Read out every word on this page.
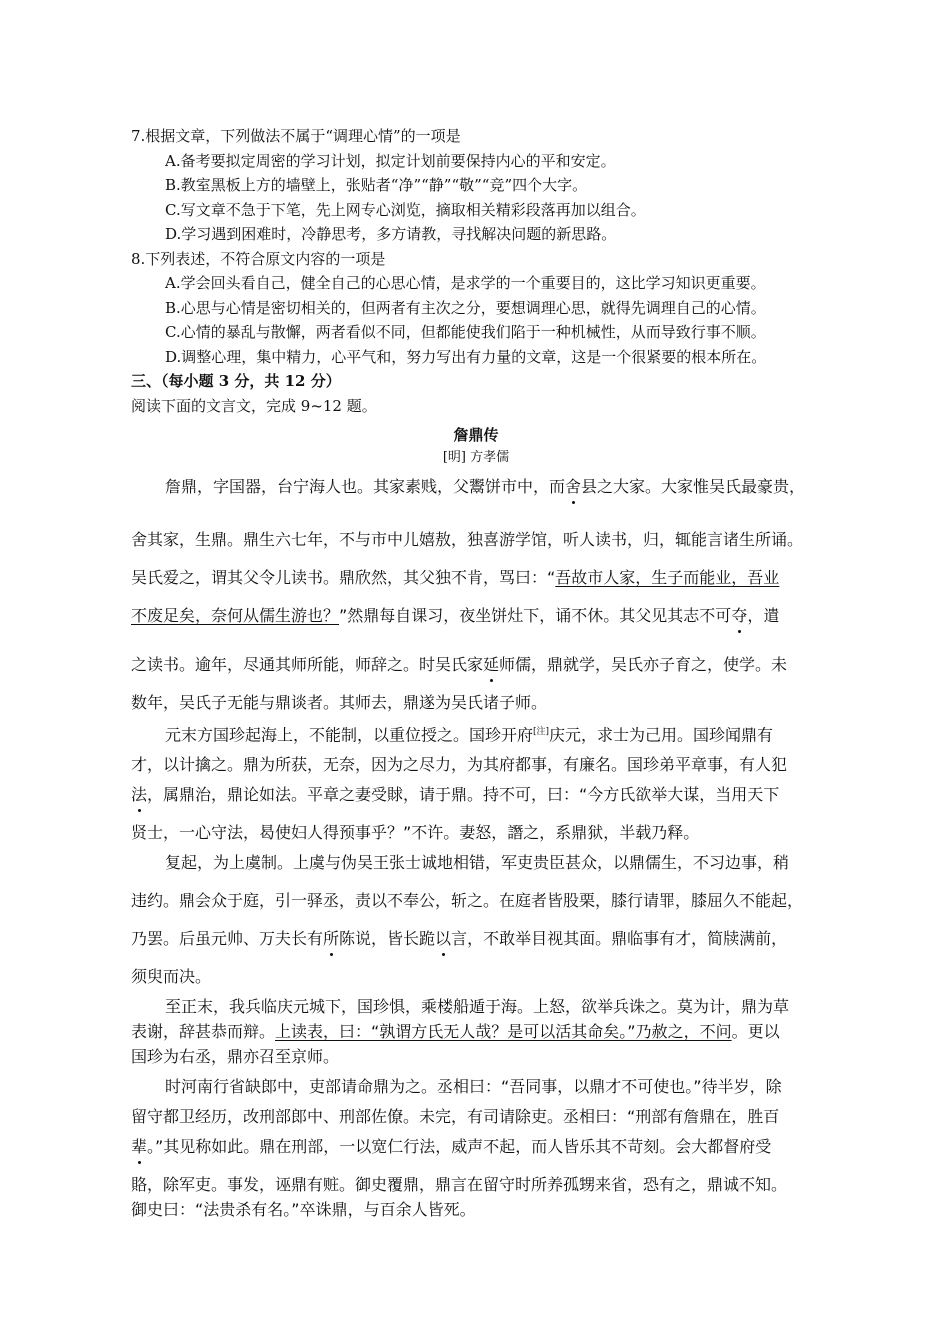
7.根据文章，下列做法不属于“调理心情”的一项是
A.备考要拟定周密的学习计划，拟定计划前要保持内心的平和安定。
B.教室黑板上方的墙壁上，张贴者“净”“静”“敬”“竞”四个大字。
C.写文章不急于下笔，先上网专心浏览，摘取相关精彩段落再加以组合。
D.学习遇到困难时，冷静思考，多方请教，寻找解决问题的新思路。
8.下列表述，不符合原文内容的一项是
A.学会回头看自己，健全自己的心思心情，是求学的一个重要目的，这比学习知识更重要。
B.心思与心情是密切相关的，但两者有主次之分，要想调理心思，就得先调理自己的心情。
C.心情的暴乱与散懈，两者看似不同，但都能使我们陷于一种机械性，从而导致行事不顺。
D.调整心理，集中精力，心平气和，努力写出有力量的文章，这是一个很紧要的根本所在。
三、（每小题 3 分，共 12 分）
阅读下面的文言文，完成 9~12 题。
詹鼎传
[明] 方孝儒
詹鼎，字国器，台宁海人也。其家素贱，父鬻饼市中，而舍县之大家。大家惟吴氏最豪贵，
舍其家，生鼎。鼎生六七年，不与市中儿嬉敖，独喜游学馆，听人读书，归，辄能言诸生所诵。
吴氏爱之，谓其父令儿读书。鼎欣然，其父独不肯，骂曰：“吾故市人家，生子而能业，吾业
不废足矣，奈何从儒生游也？”然鼎每自课习，夜坐饼灶下，诵不休。其父见其志不可夺，遣
之读书。逾年，尽通其师所能，师辞之。时吴氏家延师儒，鼎就学，吴氏亦子育之，使学。未
数年，吴氏子无能与鼎谈者。其师去，鼎遂为吴氏诸子师。
元末方国珍起海上，不能制，以重位授之。国珍开府[注]庆元，求士为己用。国珍闻鼎有
才，以计擒之。鼎为所获，无奈，因为之尽力，为其府都事，有廉名。国珍弟平章事，有人犯
法，属鼎治，鼎论如法。平章之妻受賕，请于鼎。持不可，曰：“今方氏欲举大谋，当用天下
贤士，一心守法，曷使妇人得预事乎？”不许。妻怒，譖之，系鼎狱，半载乃释。
复起，为上虞制。上虞与伪吴王张士诚地相错，军吏贵臣甚众，以鼎儒生，不习边事，稍
违约。鼎会众于庭，引一驿丞，责以不奉公，斩之。在庭者皆股栗，膝行请罪，膝屈久不能起，
乃罢。后虽元帅、万夫长有所陈说，皆长跪以言，不敢举目视其面。鼎临事有才，简牍满前，
须臾而决。
至正末，我兵临庆元城下，国珍惧，乘楼船遁于海。上怒，欲举兵诛之。莫为计，鼎为草
表谢，辞甚恭而辩。上读表，曰：“孰谓方氏无人哉？是可以活其命矣。”乃赦之，不问。更以
国珍为右丞，鼎亦召至京师。
时河南行省缺郎中，吏部请命鼎为之。丞相曰：“吾同事，以鼎才不可使也。”待半岁，除
留守都卫经历，改刑部郎中、刑部佐僚。未完，有司请除吏。丞相曰：“刑部有詹鼎在，胜百
辈。”其见称如此。鼎在刑部，一以宽仁行法，威声不起，而人皆乐其不苛刻。会大都督府受
賂，除军吏。事发，诬鼎有赃。御史覆鼎，鼎言在留守时所养孤甥来省，恐有之，鼎诚不知。
御史曰：“法贵杀有名。”卒诛鼎，与百余人皆死。
